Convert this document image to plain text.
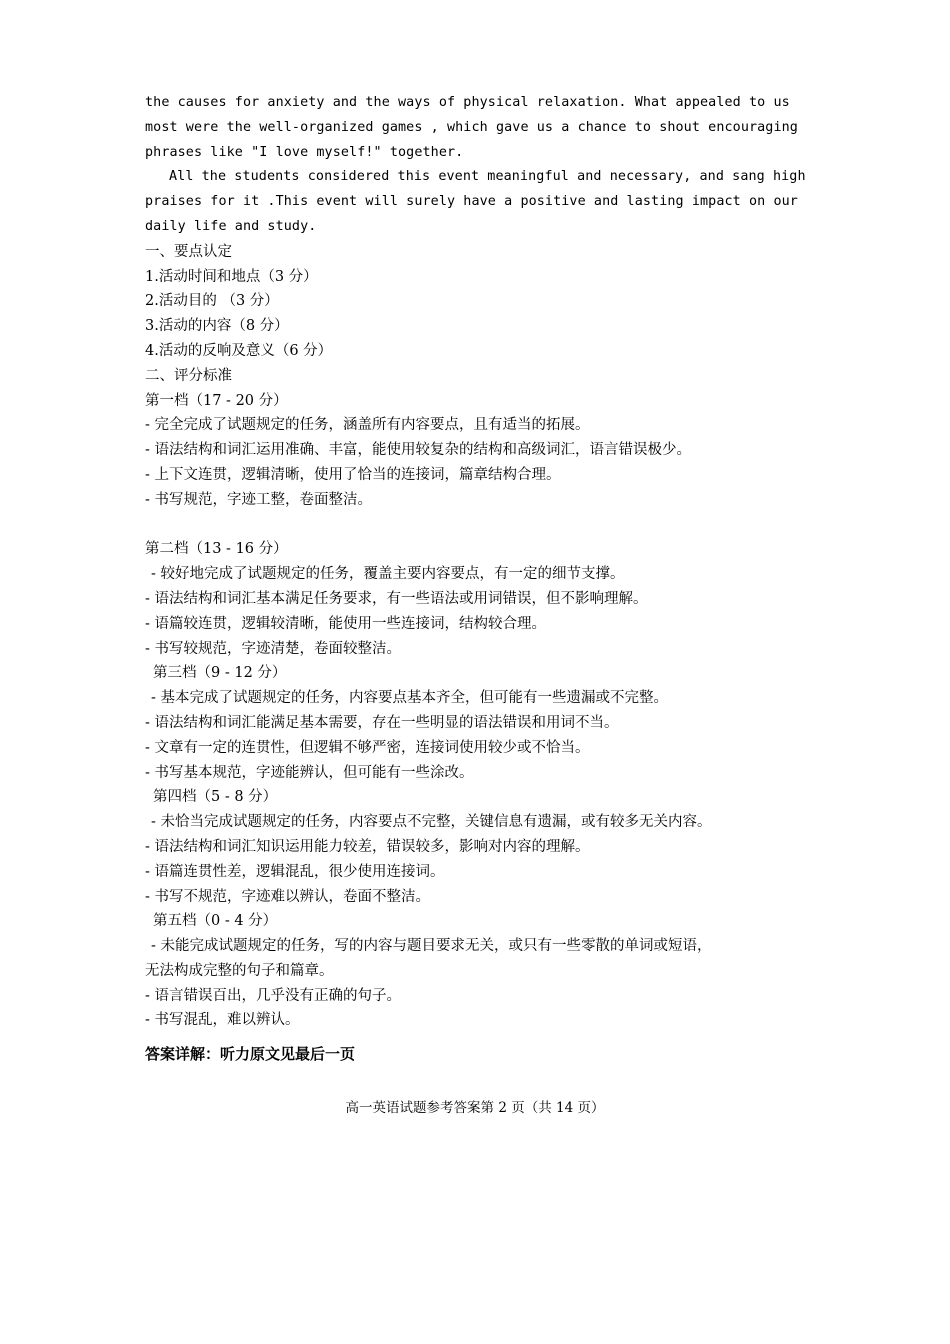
the causes for anxiety and the ways of physical relaxation. What appealed to us
most were the well-organized games , which gave us a chance to shout encouraging
phrases like "I love myself!" together.
All the students considered this event meaningful and necessary, and sang high
praises for it .This event will surely have a positive and lasting impact on our
daily life and study.
一、要点认定
1.活动时间和地点（3 分）
2.活动目的 （3 分）
3.活动的内容（8 分）
4.活动的反响及意义（6 分）
二、评分标准
第一档（17 - 20 分）
- 完全完成了试题规定的任务，涵盖所有内容要点，且有适当的拓展。
- 语法结构和词汇运用准确、丰富，能使用较复杂的结构和高级词汇，语言错误极少。
- 上下文连贯，逻辑清晰，使用了恰当的连接词，篇章结构合理。
- 书写规范，字迹工整，卷面整洁。
第二档（13 - 16 分）
- 较好地完成了试题规定的任务，覆盖主要内容要点，有一定的细节支撑。
- 语法结构和词汇基本满足任务要求，有一些语法或用词错误，但不影响理解。
- 语篇较连贯，逻辑较清晰，能使用一些连接词，结构较合理。
- 书写较规范，字迹清楚，卷面较整洁。
第三档（9 - 12 分）
- 基本完成了试题规定的任务，内容要点基本齐全，但可能有一些遗漏或不完整。
- 语法结构和词汇能满足基本需要，存在一些明显的语法错误和用词不当。
- 文章有一定的连贯性，但逻辑不够严密，连接词使用较少或不恰当。
- 书写基本规范，字迹能辨认，但可能有一些涂改。
第四档（5 - 8 分）
- 未恰当完成试题规定的任务，内容要点不完整，关键信息有遗漏，或有较多无关内容。
- 语法结构和词汇知识运用能力较差，错误较多，影响对内容的理解。
- 语篇连贯性差，逻辑混乱，很少使用连接词。
- 书写不规范，字迹难以辨认，卷面不整洁。
第五档（0 - 4 分）
- 未能完成试题规定的任务，写的内容与题目要求无关，或只有一些零散的单词或短语，
无法构成完整的句子和篇章。
- 语言错误百出，几乎没有正确的句子。
- 书写混乱，难以辨认。
答案详解：听力原文见最后一页
高一英语试题参考答案第 2 页（共 14 页）
